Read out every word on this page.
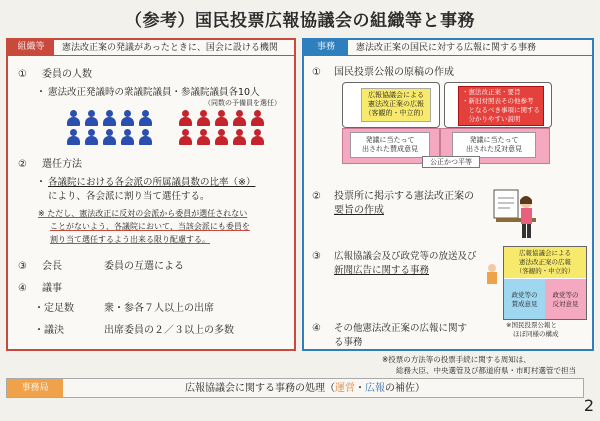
（参考）国民投票広報協議会の組織等と事務
組織等	憲法改正案の発議があったときに、国会に設ける機関
① 委員の人数
・ 憲法改正発議時の衆議院議員・参議院議員各10人
（同数の予備員を選任）
② 選任方法
・ 各議院における各会派の所属議員数の比率（※）
により、各会派に割り当て選任する。
※ ただし、憲法改正に反対の会派から委員が選任されない
ことがないよう、各議院において、当該会派にも委員を
割り当て選任するよう出来る限り配慮する。
③ 会長	委員の互選による
④ 議事
・定足数	衆・参各７人以上の出席
・議決	出席委員の２／３以上の多数
事務	憲法改正案の国民に対する広報に関する事務
① 国民投票公報の原稿の作成
② 投票所に掲示する憲法改正案の
要旨の作成
③ 広報協議会及び政党等の放送及び
新聞広告に関する事務
④ その他憲法改正案の広報に関す
る事務
広報協議会による
憲法改正案の広報
（客観的・中立的）
・憲法改正案・要旨
・新旧対照表その他参考
　となるべき事項に関する
　分かりやすい説明
発議に当たって
出された賛成意見
発議に当たって
出された反対意見
公正かつ平等
広報協議会による
憲法改正案の広報
（客観的・中立的）
政党等の
賛成意見
政党等の
反対意見
※国民投票公報と
ほぼ同様の構成
※投票の方法等の投票手続に関する周知は、
総務大臣、中央選管及び都道府県・市町村選管で担当
事務局	広報協議会に関する事務の処理（運営・広報の補佐）
2
